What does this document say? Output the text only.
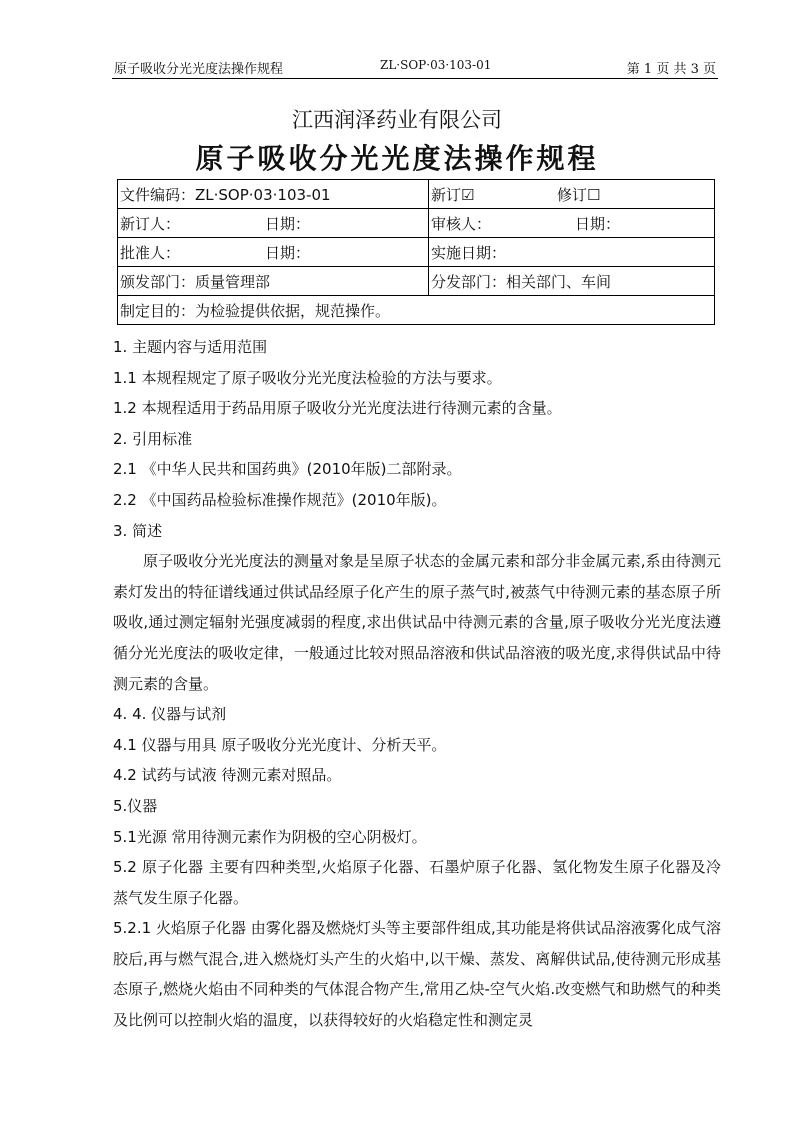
原子吸收分光光度法操作规程	ZL·SOP·03·103-01	第 1 页 共 3 页
江西润泽药业有限公司
原子吸收分光光度法操作规程
文件编码：ZL·SOP·03·103-01	新订☑ 修订☐

新订人： 日期：	审核人： 日期：

批准人： 日期：	实施日期：
颁发部门：质量管理部	分发部门：相关部门、车间
制定目的：为检验提供依据，规范操作。	

1. 主题内容与适用范围

1.1 本规程规定了原子吸收分光光度法检验的方法与要求。

1.2 本规程适用于药品用原子吸收分光光度法进行待测元素的含量。

2. 引用标准

2.1 《中华人民共和国药典》(2010年版)二部附录。

2.2 《中国药品检验标准操作规范》(2010年版)。

3. 简述

原子吸收分光光度法的测量对象是呈原子状态的金属元素和部分非金属元素,系由待测元素灯发出的特征谱线通过供试品经原子化产生的原子蒸气时,被蒸气中待测元素的基态原子所吸收,通过测定辐射光强度减弱的程度,求出供试品中待测元素的含量,原子吸收分光光度法遵循分光光度法的吸收定律，一般通过比较对照品溶液和供试品溶液的吸光度,求得供试品中待测元素的含量。

4. 4. 仪器与试剂

4.1 仪器与用具 原子吸收分光光度计、分析天平。

4.2 试药与试液 待测元素对照品。

5.仪器

5.1光源 常用待测元素作为阴极的空心阴极灯。

5.2 原子化器 主要有四种类型,火焰原子化器、石墨炉原子化器、氢化物发生原子化器及冷蒸气发生原子化器。

5.2.1 火焰原子化器 由雾化器及燃烧灯头等主要部件组成,其功能是将供试品溶液雾化成气溶胶后,再与燃气混合,进入燃烧灯头产生的火焰中,以干燥、蒸发、离解供试品,使待测元形成基态原子,燃烧火焰由不同种类的气体混合物产生,常用乙炔-空气火焰.改变燃气和助燃气的种类及比例可以控制火焰的温度，以获得较好的火焰稳定性和测定灵
